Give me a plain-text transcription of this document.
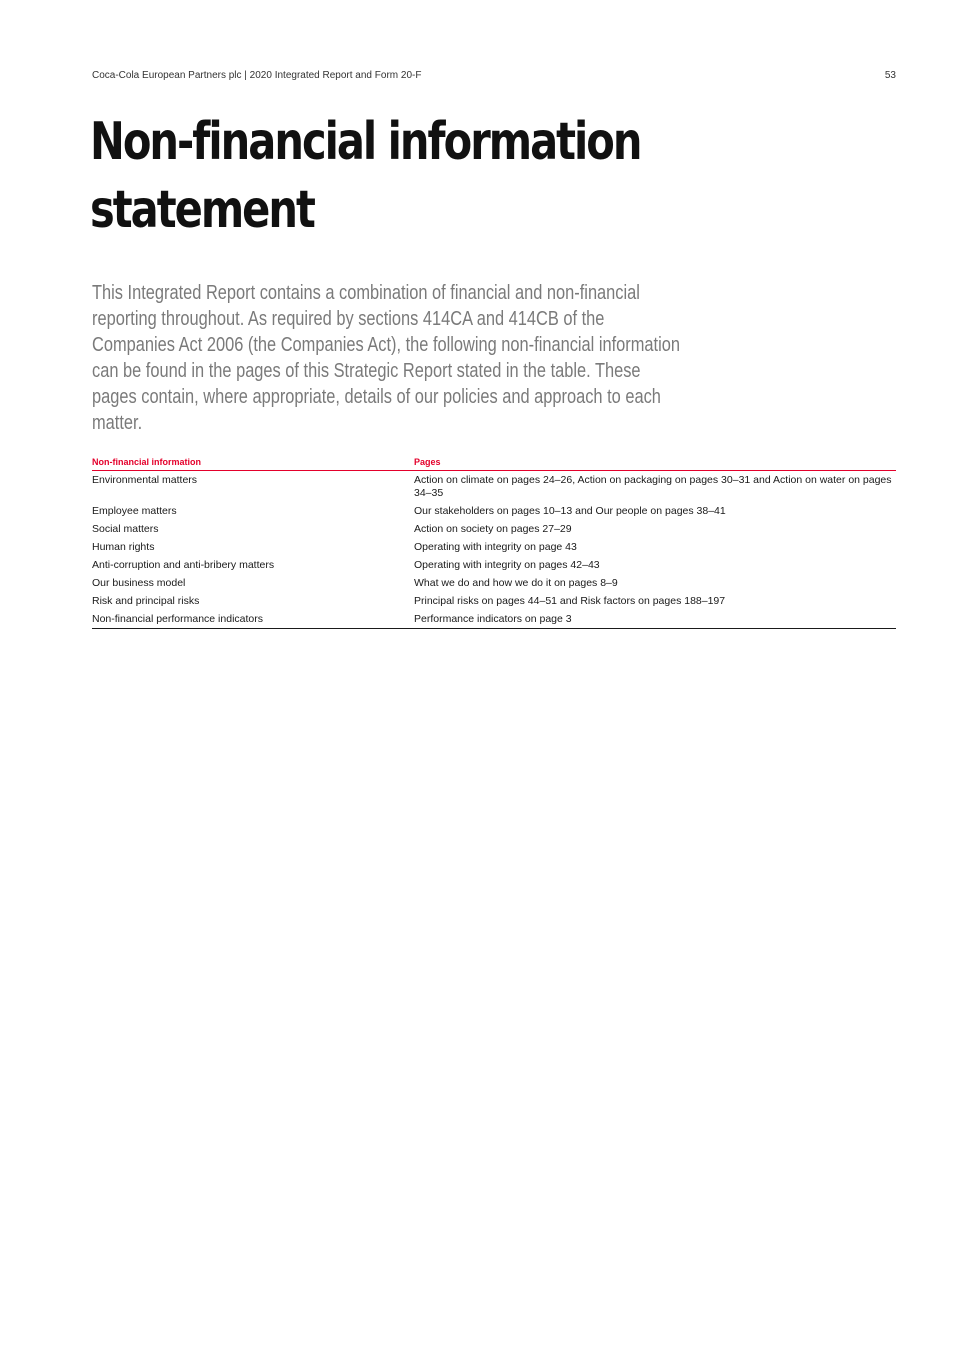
Coca-Cola European Partners plc | 2020 Integrated Report and Form 20-F	53
Non-financial information statement

This Integrated Report contains a combination of financial and non-financial reporting throughout. As required by sections 414CA and 414CB of the Companies Act 2006 (the Companies Act), the following non-financial information can be found in the pages of this Strategic Report stated in the table. These pages contain, where appropriate, details of our policies and approach to each matter.

Non-financial information	Pages
Environmental matters	Action on climate on pages 24–26, Action on packaging on pages 30–31 and Action on water on pages 34–35
Employee matters	Our stakeholders on pages 10–13 and Our people on pages 38–41
Social matters	Action on society on pages 27–29
Human rights	Operating with integrity on page 43
Anti-corruption and anti-bribery matters	Operating with integrity on pages 42–43
Our business model	What we do and how we do it on pages 8–9
Risk and principal risks	Principal risks on pages 44–51 and Risk factors on pages 188–197
Non-financial performance indicators	Performance indicators on page 3
